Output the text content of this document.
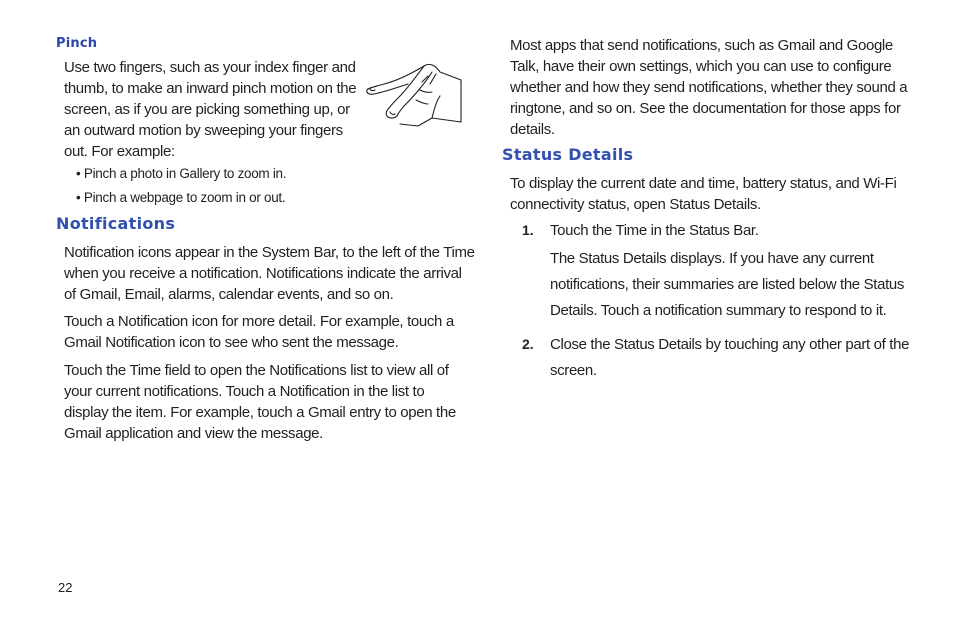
Pinch
Use two fingers, such as your index finger and
thumb, to make an inward pinch motion on the
screen, as if you are picking something up, or
an outward motion by sweeping your fingers
out. For example:
• Pinch a photo in Gallery to zoom in.
• Pinch a webpage to zoom in or out.
Notifications
Notification icons appear in the System Bar, to the left of the Time
when you receive a notification. Notifications indicate the arrival
of Gmail, Email, alarms, calendar events, and so on.
Touch a Notification icon for more detail. For example, touch a
Gmail Notification icon to see who sent the message.
Touch the Time field to open the Notifications list to view all of
your current notifications. Touch a Notification in the list to
display the item. For example, touch a Gmail entry to open the
Gmail application and view the message.
Most apps that send notifications, such as Gmail and Google
Talk, have their own settings, which you can use to configure
whether and how they send notifications, whether they sound a
ringtone, and so on. See the documentation for those apps for
details.
Status Details
To display the current date and time, battery status, and Wi-Fi
connectivity status, open Status Details.
1. Touch the Time in the Status Bar.
The Status Details displays. If you have any current
notifications, their summaries are listed below the Status
Details. Touch a notification summary to respond to it.
2. Close the Status Details by touching any other part of the
screen.
22
